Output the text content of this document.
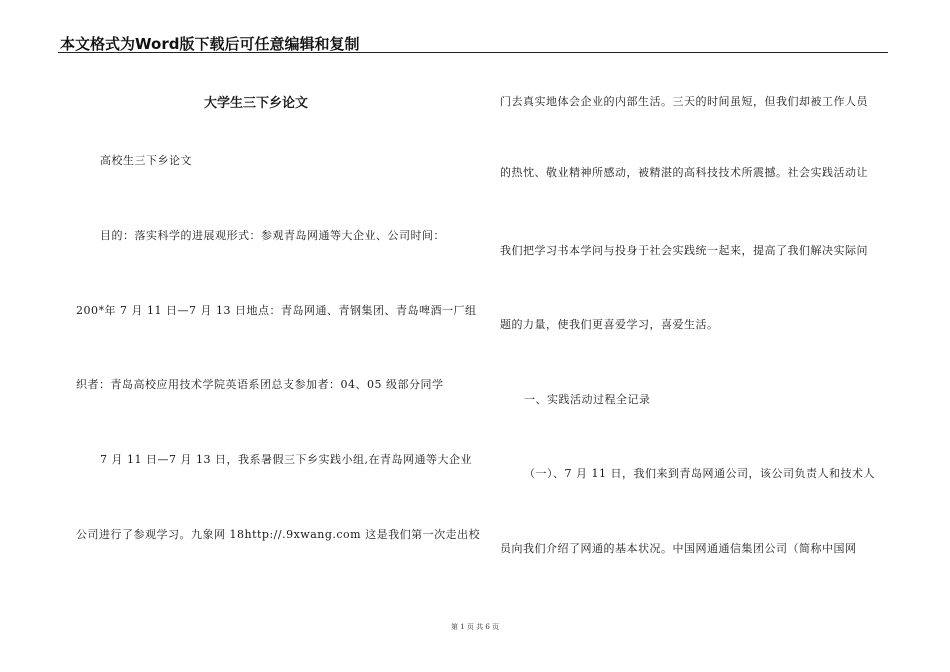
本文格式为Word版下载后可任意编辑和复制
大学生三下乡论文
高校生三下乡论文
目的：落实科学的进展观形式：参观青岛网通等大企业、公司时间：
200*年 7 月 11 日—7 月 13 日地点：青岛网通、青钢集团、青岛啤酒一厂组
织者：青岛高校应用技术学院英语系团总支参加者：04、05 级部分同学
7 月 11 日—7 月 13 日，我系暑假三下乡实践小组,在青岛网通等大企业
公司进行了参观学习。九象网 18http://.9xwang.com 这是我们第一次走出校
门去真实地体会企业的内部生活。三天的时间虽短，但我们却被工作人员
的热忱、敬业精神所感动，被精湛的高科技技术所震撼。社会实践活动让
我们把学习书本学问与投身于社会实践统一起来，提高了我们解决实际问
题的力量，使我们更喜爱学习，喜爱生活。
一、实践活动过程全记录
（一）、7 月 11 日，我们来到青岛网通公司，该公司负责人和技术人
员向我们介绍了网通的基本状况。中国网通通信集团公司（简称中国网
第 1 页 共 6 页
